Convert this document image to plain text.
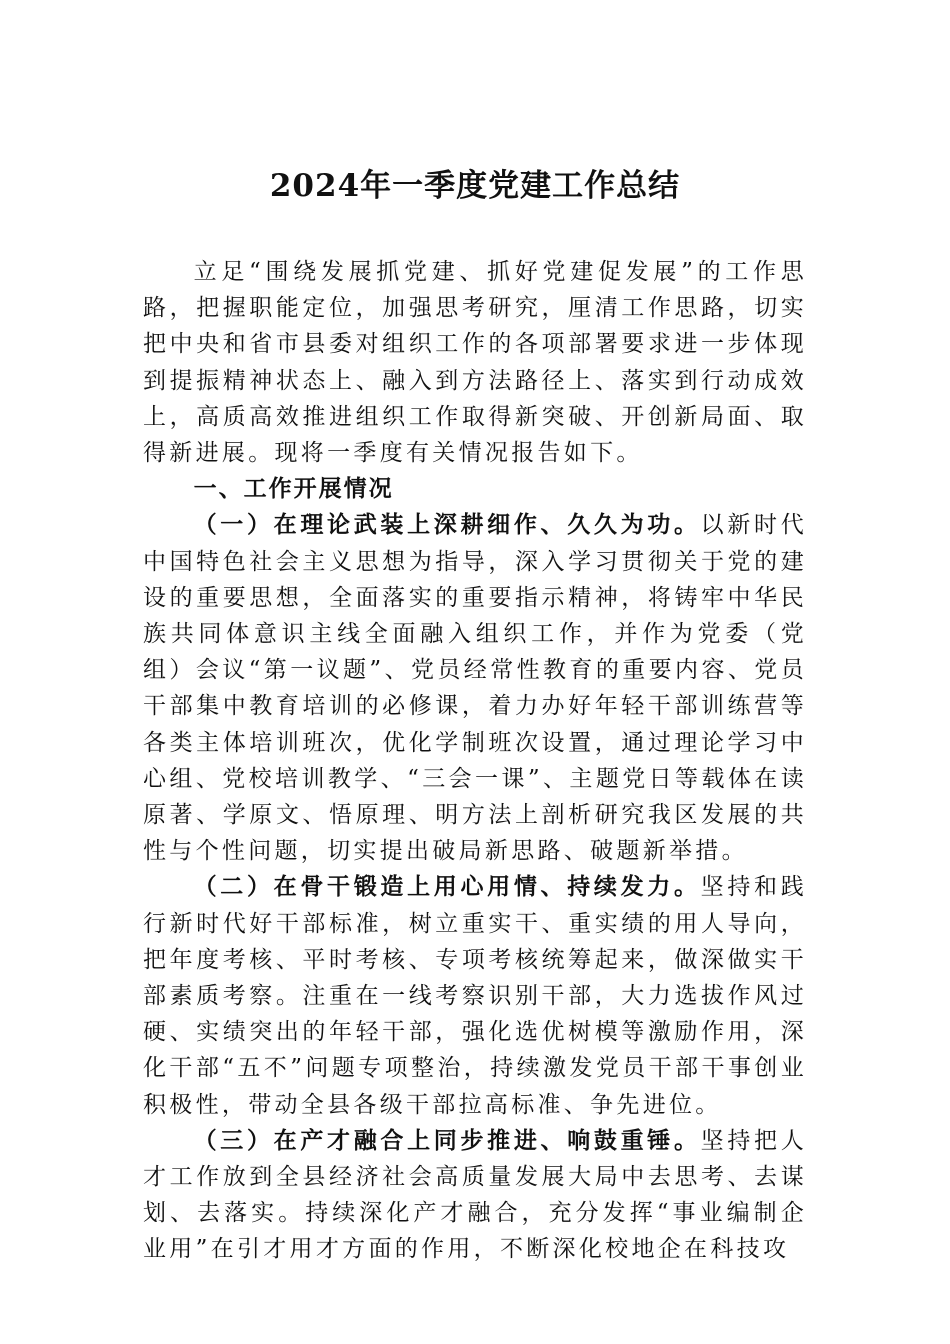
2024年一季度党建工作总结

立足“围绕发展抓党建、抓好党建促发展”的工作思路，把握职能定位，加强思考研究，厘清工作思路，切实把中央和省市县委对组织工作的各项部署要求进一步体现到提振精神状态上、融入到方法路径上、落实到行动成效上，高质高效推进组织工作取得新突破、开创新局面、取得新进展。现将一季度有关情况报告如下。

一、工作开展情况

（一）在理论武装上深耕细作、久久为功。以新时代中国特色社会主义思想为指导，深入学习贯彻关于党的建设的重要思想，全面落实的重要指示精神，将铸牢中华民族共同体意识主线全面融入组织工作，并作为党委（党组）会议“第一议题”、党员经常性教育的重要内容、党员干部集中教育培训的必修课，着力办好年轻干部训练营等各类主体培训班次，优化学制班次设置，通过理论学习中心组、党校培训教学、“三会一课”、主题党日等载体在读原著、学原文、悟原理、明方法上剖析研究我区发展的共性与个性问题，切实提出破局新思路、破题新举措。

（二）在骨干锻造上用心用情、持续发力。坚持和践行新时代好干部标准，树立重实干、重实绩的用人导向，把年度考核、平时考核、专项考核统筹起来，做深做实干部素质考察。注重在一线考察识别干部，大力选拔作风过硬、实绩突出的年轻干部，强化选优树模等激励作用，深化干部“五不”问题专项整治，持续激发党员干部干事创业积极性，带动全县各级干部拉高标准、争先进位。

（三）在产才融合上同步推进、响鼓重锤。坚持把人才工作放到全县经济社会高质量发展大局中去思考、去谋划、去落实。持续深化产才融合，充分发挥“事业编制企业用”在引才用才方面的作用，不断深化校地企在科技攻
